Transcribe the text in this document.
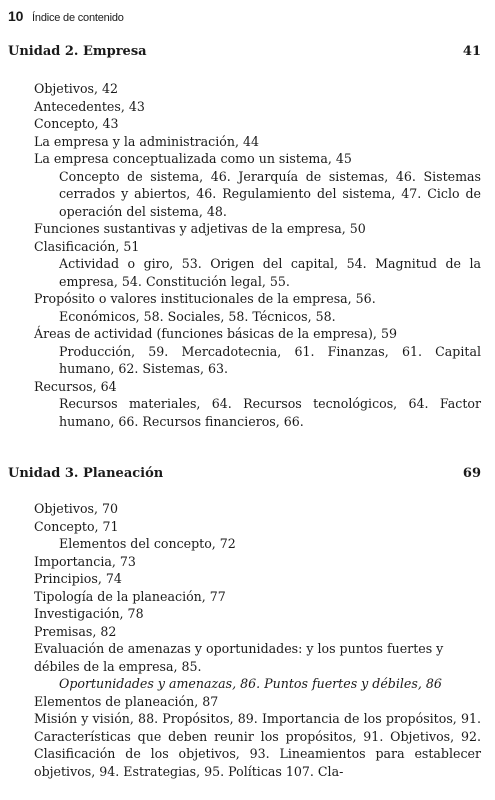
10 Índice de contenido
Unidad 2. Empresa	41

Objetivos, 42

Antecedentes, 43

Concepto, 43

La empresa y la administración, 44

La empresa conceptualizada como un sistema, 45

Concepto de sistema, 46. Jerarquía de sistemas, 46. Sistemas cerrados y abiertos, 46. Regulamiento del sistema, 47. Ciclo de operación del sistema, 48.

Funciones sustantivas y adjetivas de la empresa, 50

Clasificación, 51

Actividad o giro, 53. Origen del capital, 54. Magnitud de la empresa, 54. Constitución legal, 55.

Propósito o valores institucionales de la empresa, 56.

Económicos, 58. Sociales, 58. Técnicos, 58.

Áreas de actividad (funciones básicas de la empresa), 59

Producción, 59. Mercadotecnia, 61. Finanzas, 61. Capital humano, 62. Sistemas, 63.

Recursos, 64

Recursos materiales, 64. Recursos tecnológicos, 64. Factor humano, 66. Recursos financieros, 66.

Unidad 3. Planeación	69

Objetivos, 70

Concepto, 71

Elementos del concepto, 72

Importancia, 73

Principios, 74

Tipología de la planeación, 77

Investigación, 78

Premisas, 82

Evaluación de amenazas y oportunidades: y los puntos fuertes y débiles de la empresa, 85.

Oportunidades y amenazas, 86. Puntos fuertes y débiles, 86

Elementos de planeación, 87

Misión y visión, 88. Propósitos, 89. Importancia de los propósitos, 91. Características que deben reunir los propósitos, 91. Objetivos, 92. Clasificación de los objetivos, 93. Lineamientos para establecer objetivos, 94. Estrategias, 95. Políticas 107. Cla-
